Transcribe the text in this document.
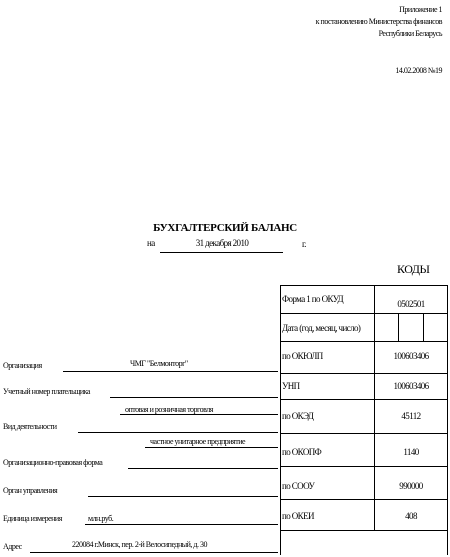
Приложение 1
к постановлению Министерства финансов
Республики Беларусь
14.02.2008 №19
БУХГАЛТЕРСКИЙ БАЛАНС
на	31 декабря 2010	г.
КОДЫ
Форма 1 по ОКУД	0502501
Дата (год, месяц, число)
по ОКЮЛП	100603406
УНП	100603406
по ОКЭД	45112
по ОКОПФ	1140
по СООУ	990000
по ОКЕИ	408
Организация	ЧМГ "Белмонторг"
Учетный номер плательщика
оптовая и розничная торговля
Вид деятельности
частное унитарное предприятие
Организационно-правовая форма
Орган управления
Единица измерения	млн.руб.
Адрес	220084 г.Минск, пер. 2-й Велосипедный, д. 30
